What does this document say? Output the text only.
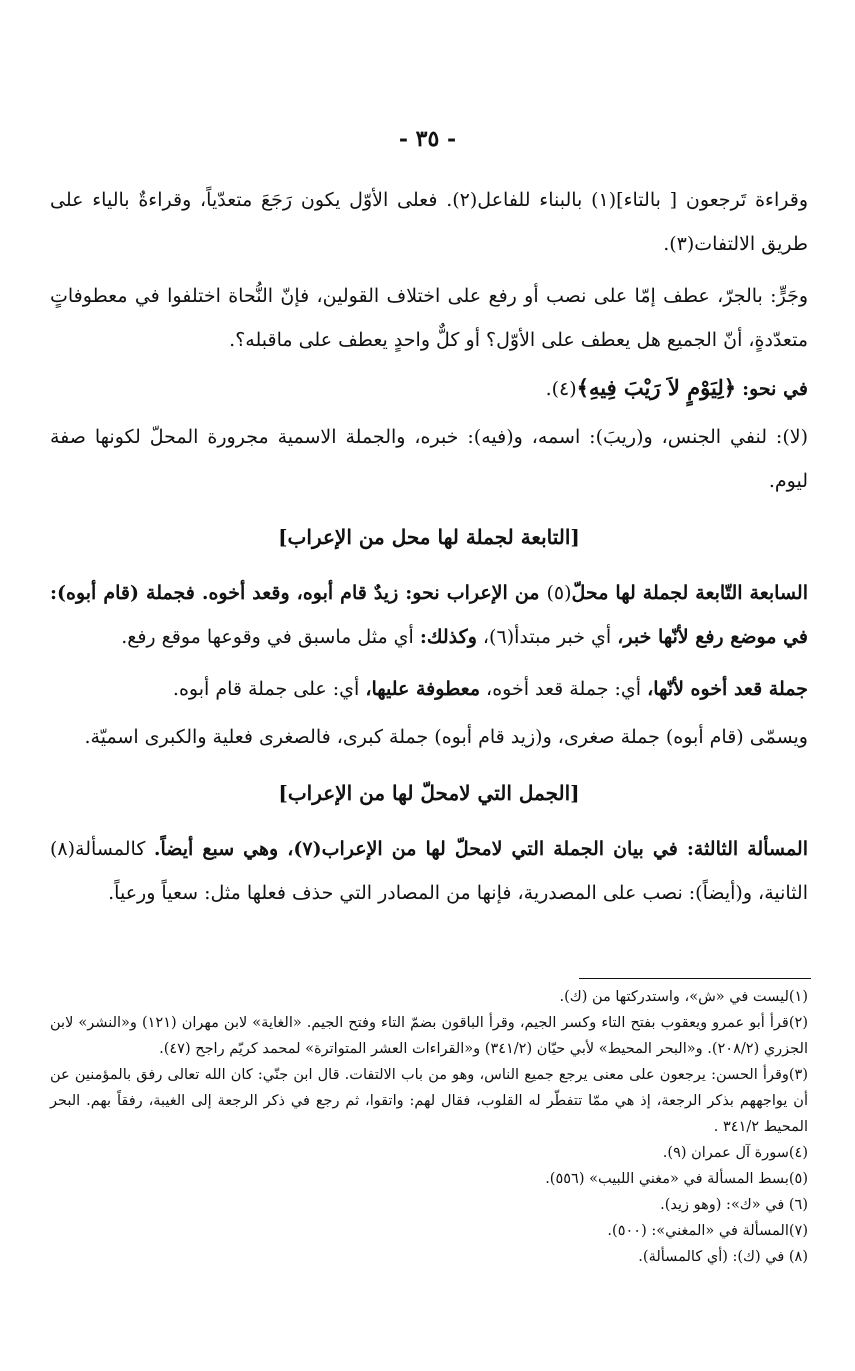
- ٣٥ -

وقراءة تَرجعون [ بالتاء](١) بالبناء للفاعل(٢). فعلى الأوّل يكون رَجَعَ متعدّياً، وقراءةٌ بالياء على طريق الالتفات(٣).

وجَرٍّ: بالجرّ، عطف إمّا على نصب أو رفع على اختلاف القولين، فإنّ النُّحاة اختلفوا في معطوفاتٍ متعدّدةٍ، أنّ الجميع هل يعطف على الأوّل؟ أو كلٌّ واحدٍ يعطف على ماقبله؟.

في نحو: ﴿لِيَوْمٍ لاَ رَيْبَ فِيهِ﴾(٤).

(لا): لنفي الجنس، و(ريبَ): اسمه، و(فيه): خبره، والجملة الاسمية مجرورة المحلّ لكونها صفة ليوم.

[التابعة لجملة لها محل من الإعراب]

السابعة التّابعة لجملة لها محلّ(٥) من الإعراب نحو: زيدٌ قام أبوه، وقعد أخوه. فجملة (قام أبوه): في موضع رفع لأنّها خبر، أي خبر مبتدأ(٦)، وكذلك: أي مثل ماسبق في وقوعها موقع رفع.

جملة قعد أخوه لأنّها، أي: جملة قعد أخوه، معطوفة عليها، أي: على جملة قام أبوه.

ويسمّى (قام أبوه) جملة صغرى، و(زيد قام أبوه) جملة كبرى، فالصغرى فعلية والكبرى اسميّة.

[الجمل التي لامحلّ لها من الإعراب]

المسألة الثالثة: في بيان الجملة التي لامحلّ لها من الإعراب(٧)، وهي سبع أيضاً. كالمسألة(٨) الثانية، و(أيضاً): نصب على المصدرية، فإنها من المصادر التي حذف فعلها مثل: سعياً ورعياً.

(١)ليست في «ش»، واستدركتها من (ك).

(٢)قرأ أبو عمرو ويعقوب بفتح التاء وكسر الجيم، وقرأ الباقون بضمّ التاء وفتح الجيم. «الغاية» لابن مهران (١٢١) و«النشر» لابن الجزري (٢٠٨/٢). و«البحر المحيط» لأبي حيّان (٣٤١/٢) و«القراءات العشر المتواترة» لمحمد كريّم راجح (٤٧).

(٣)وقرأ الحسن: يرجعون على معنى يرجع جميع الناس، وهو من باب الالتفات. قال ابن جنّي: كان الله تعالى رفق بالمؤمنين عن أن يواجههم بذكر الرجعة، إذ هي ممّا تتفطّر له القلوب، فقال لهم: واتقوا، ثم رجع في ذكر الرجعة إلى الغيبة، رفقاً بهم. البحر المحيط ٣٤١/٢ .

(٤)سورة آل عمران (٩).

(٥)بسط المسألة في «مغني اللبيب» (٥٥٦).

(٦) في «ك»: (وهو زيد).

(٧)المسألة في «المغني»: (٥٠٠).

(٨) في (ك): (أي كالمسألة).
